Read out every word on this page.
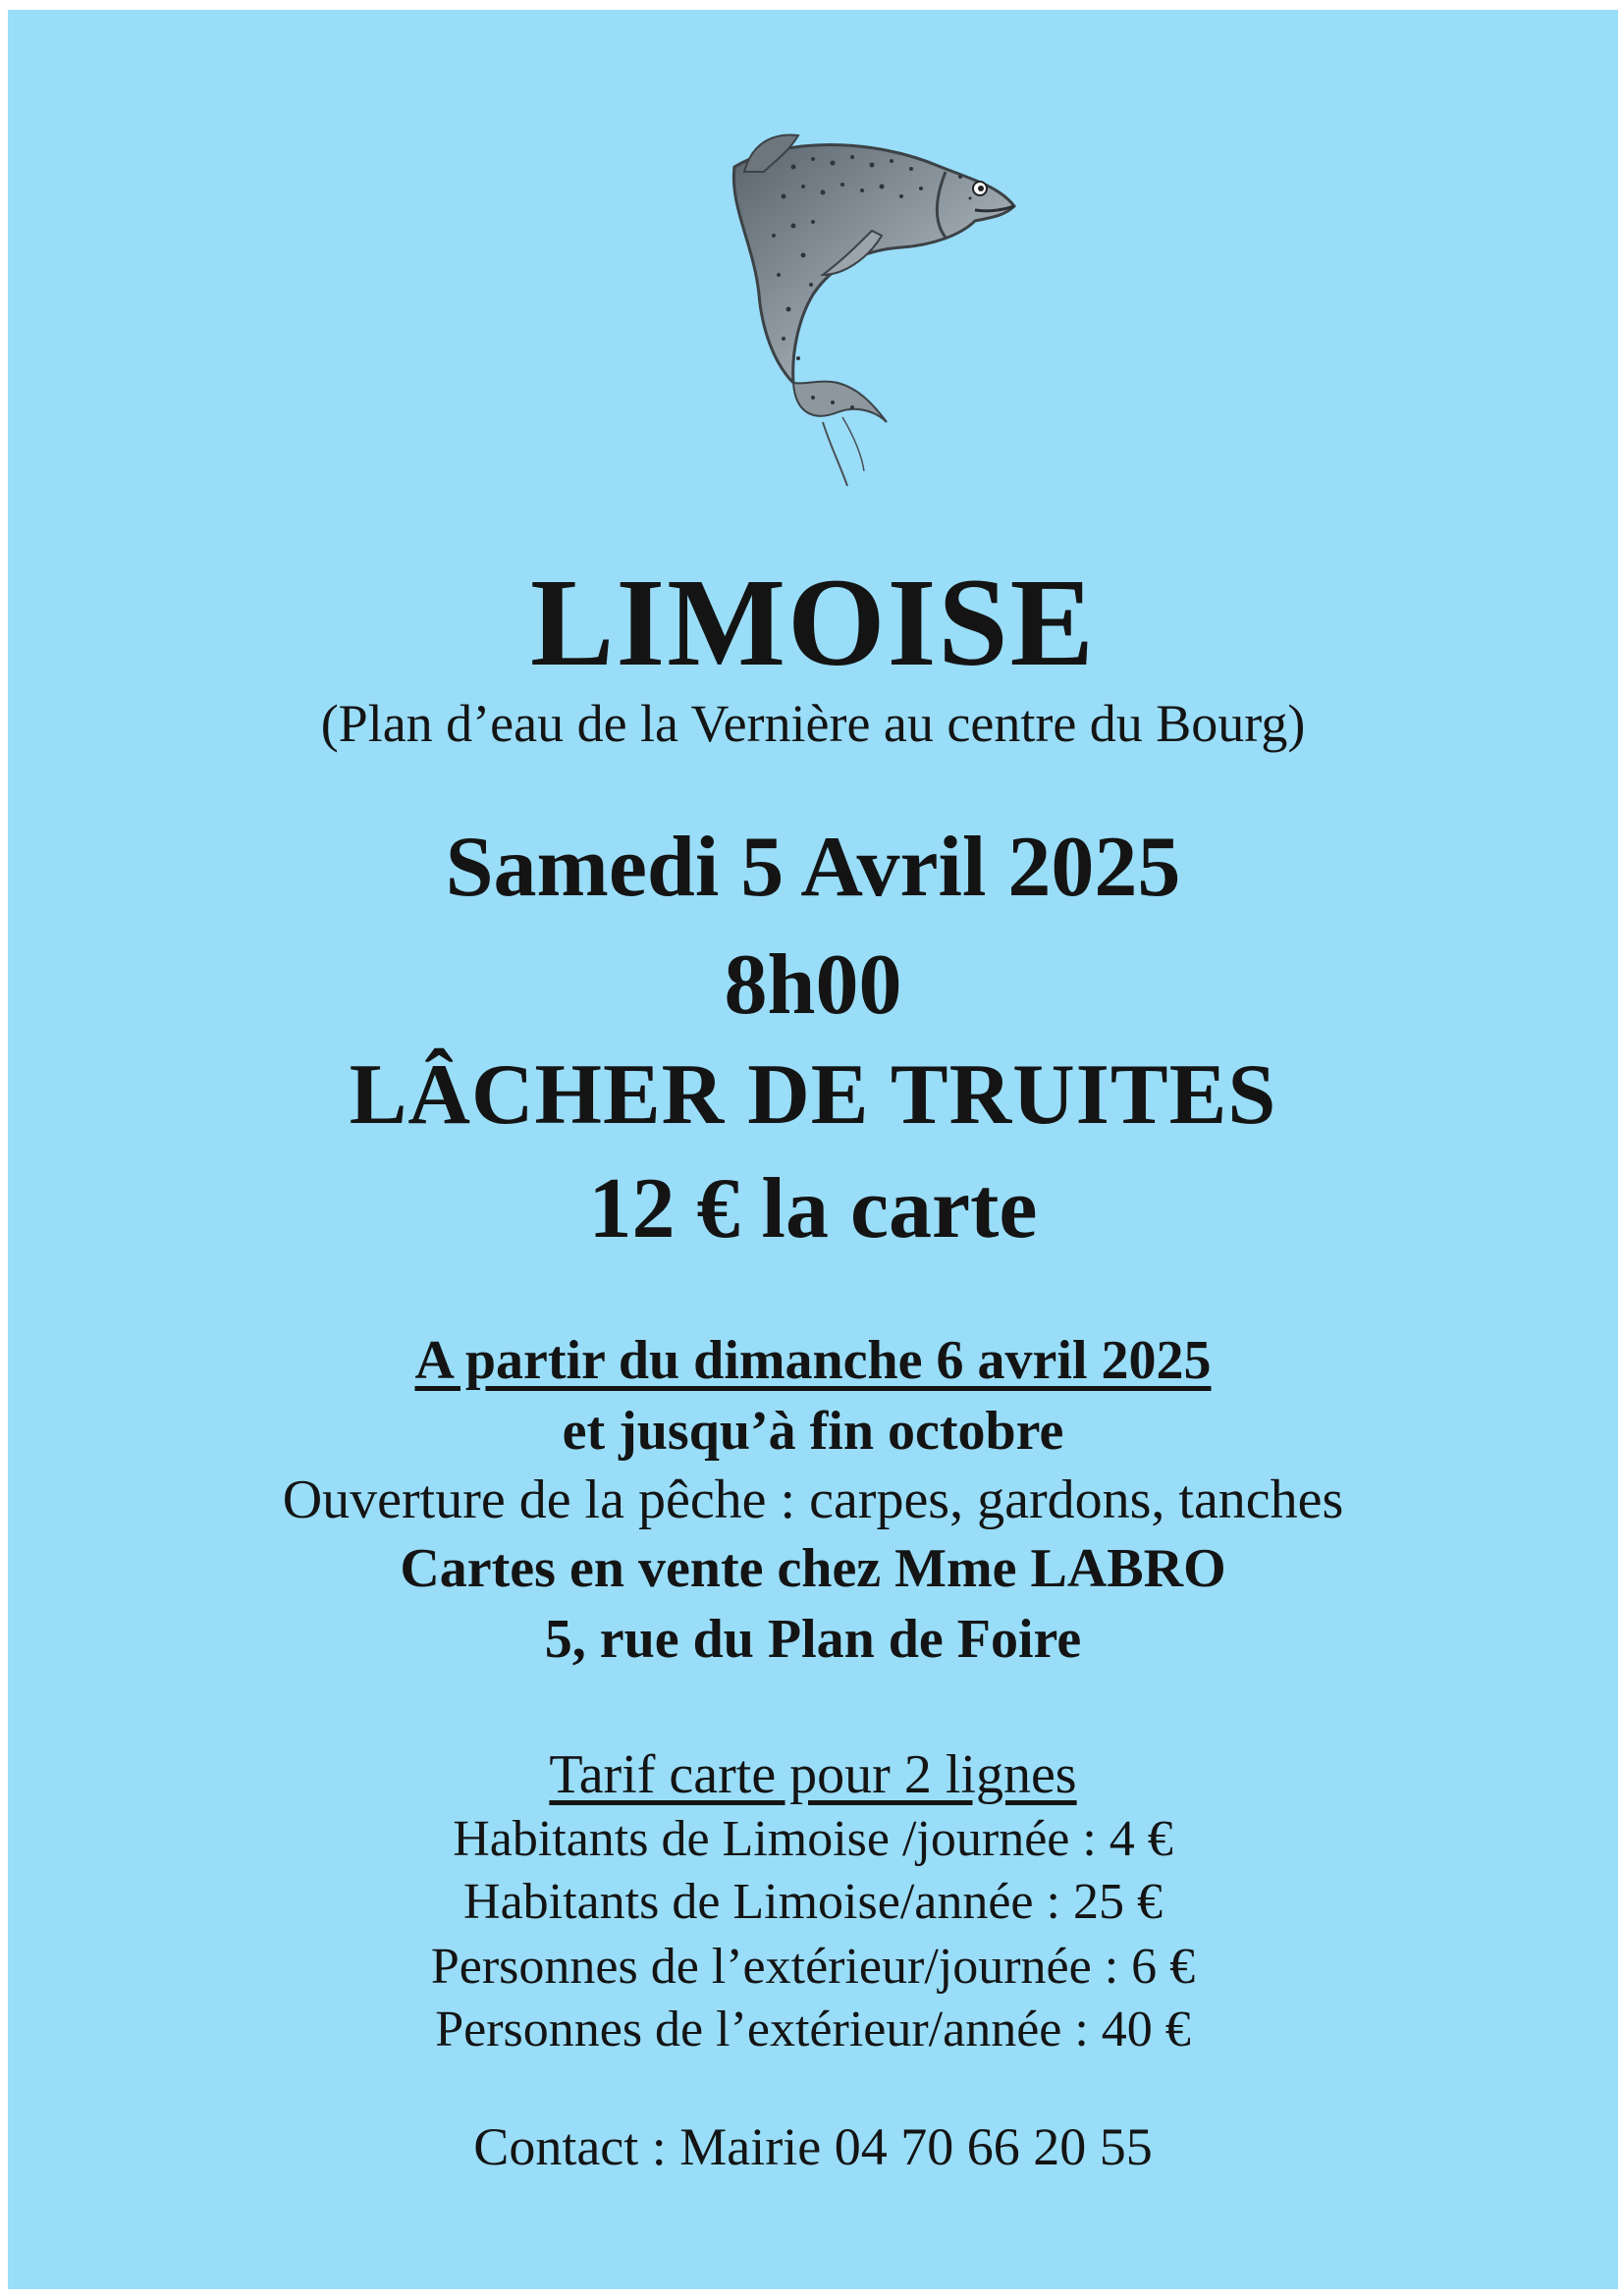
LIMOISE
(Plan d’eau de la Vernière au centre du Bourg)
Samedi 5 Avril 2025
8h00
LÂCHER DE TRUITES
12 € la carte
A partir du dimanche 6 avril 2025
et jusqu’à fin octobre
Ouverture de la pêche : carpes, gardons, tanches
Cartes en vente chez Mme LABRO
5, rue du Plan de Foire
Tarif carte pour 2 lignes
Habitants de Limoise /journée : 4 €
Habitants de Limoise/année : 25 €
Personnes de l’extérieur/journée : 6 €
Personnes de l’extérieur/année : 40 €
Contact : Mairie 04 70 66 20 55
